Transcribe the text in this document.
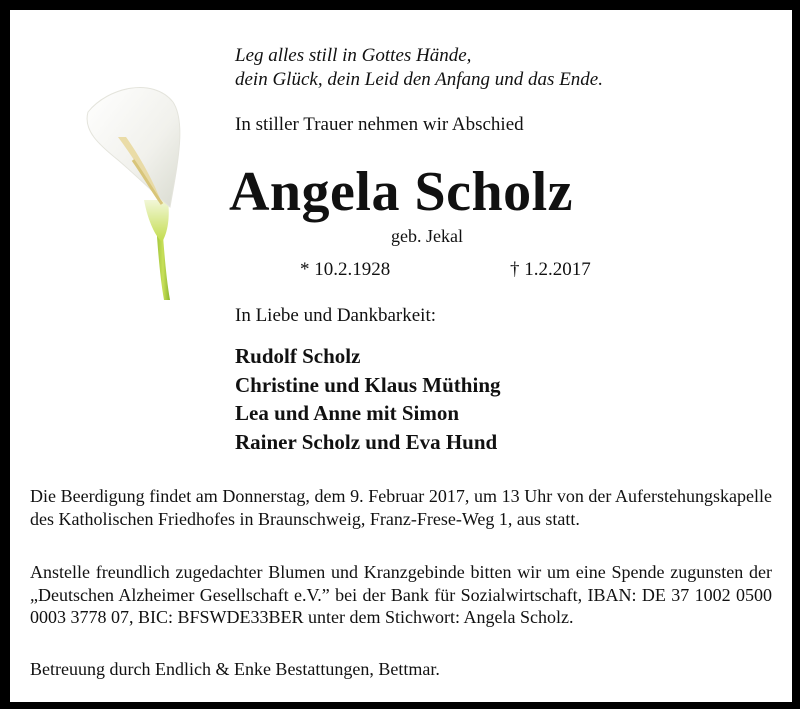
Leg alles still in Gottes Hände,
dein Glück, dein Leid den Anfang und das Ende.
In stiller Trauer nehmen wir Abschied
Angela Scholz
geb. Jekal
* 10.2.1928	† 1.2.2017
In Liebe und Dankbarkeit:
Rudolf Scholz
Christine und Klaus Müthing
Lea und Anne mit Simon
Rainer Scholz und Eva Hund
Die Beerdigung findet am Donnerstag, dem 9. Februar 2017, um 13 Uhr von der Auferstehungskapelle des Katholischen Friedhofes in Braunschweig, Franz-Frese-Weg 1, aus statt.
Anstelle freundlich zugedachter Blumen und Kranzgebinde bitten wir um eine Spende zugunsten der „Deutschen Alzheimer Gesellschaft e.V.” bei der Bank für Sozialwirtschaft, IBAN: DE 37 1002 0500 0003 3778 07, BIC: BFSWDE33BER unter dem Stichwort: Angela Scholz.
Betreuung durch Endlich & Enke Bestattungen, Bettmar.
